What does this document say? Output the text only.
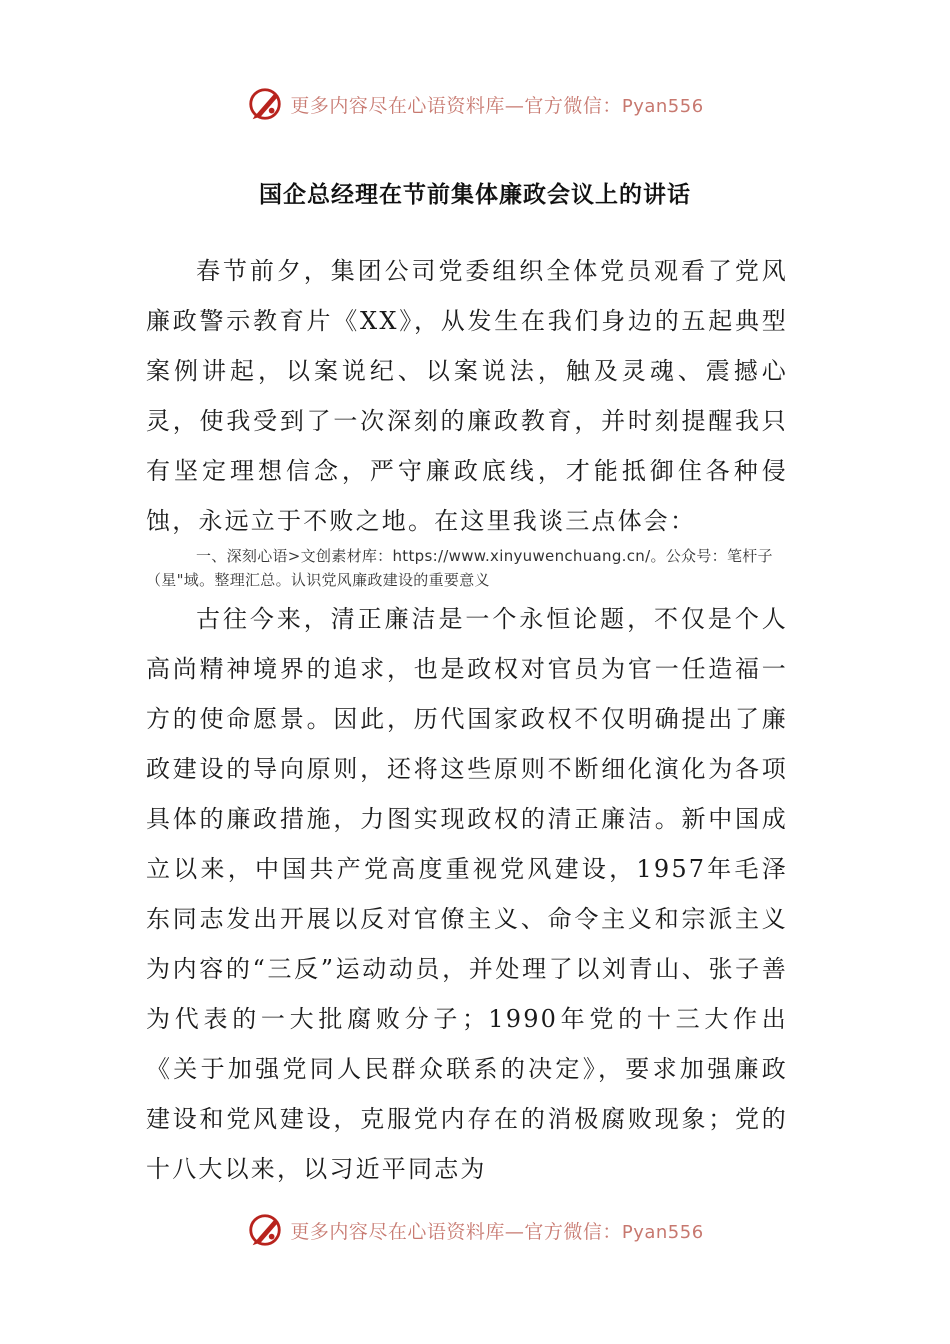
更多内容尽在心语资料库—官方微信：Pyan556
国企总经理在节前集体廉政会议上的讲话
春节前夕，集团公司党委组织全体党员观看了党风廉政警示教育片《XX》，从发生在我们身边的五起典型案例讲起，以案说纪、以案说法，触及灵魂、震撼心灵，使我受到了一次深刻的廉政教育，并时刻提醒我只有坚定理想信念，严守廉政底线，才能抵御住各种侵蚀，永远立于不败之地。在这里我谈三点体会：
一、深刻心语>文创素材库：https://www.xinyuwenchuang.cn/。公众号：笔杆子（星"域。整理汇总。认识党风廉政建设的重要意义
古往今来，清正廉洁是一个永恒论题，不仅是个人高尚精神境界的追求，也是政权对官员为官一任造福一方的使命愿景。因此，历代国家政权不仅明确提出了廉政建设的导向原则，还将这些原则不断细化演化为各项具体的廉政措施，力图实现政权的清正廉洁。新中国成立以来，中国共产党高度重视党风建设，1957年毛泽东同志发出开展以反对官僚主义、命令主义和宗派主义为内容的“三反”运动动员，并处理了以刘青山、张子善为代表的一大批腐败分子；1990年党的十三大作出《关于加强党同人民群众联系的决定》，要求加强廉政建设和党风建设，克服党内存在的消极腐败现象；党的十八大以来，以习近平同志为
更多内容尽在心语资料库—官方微信：Pyan556
